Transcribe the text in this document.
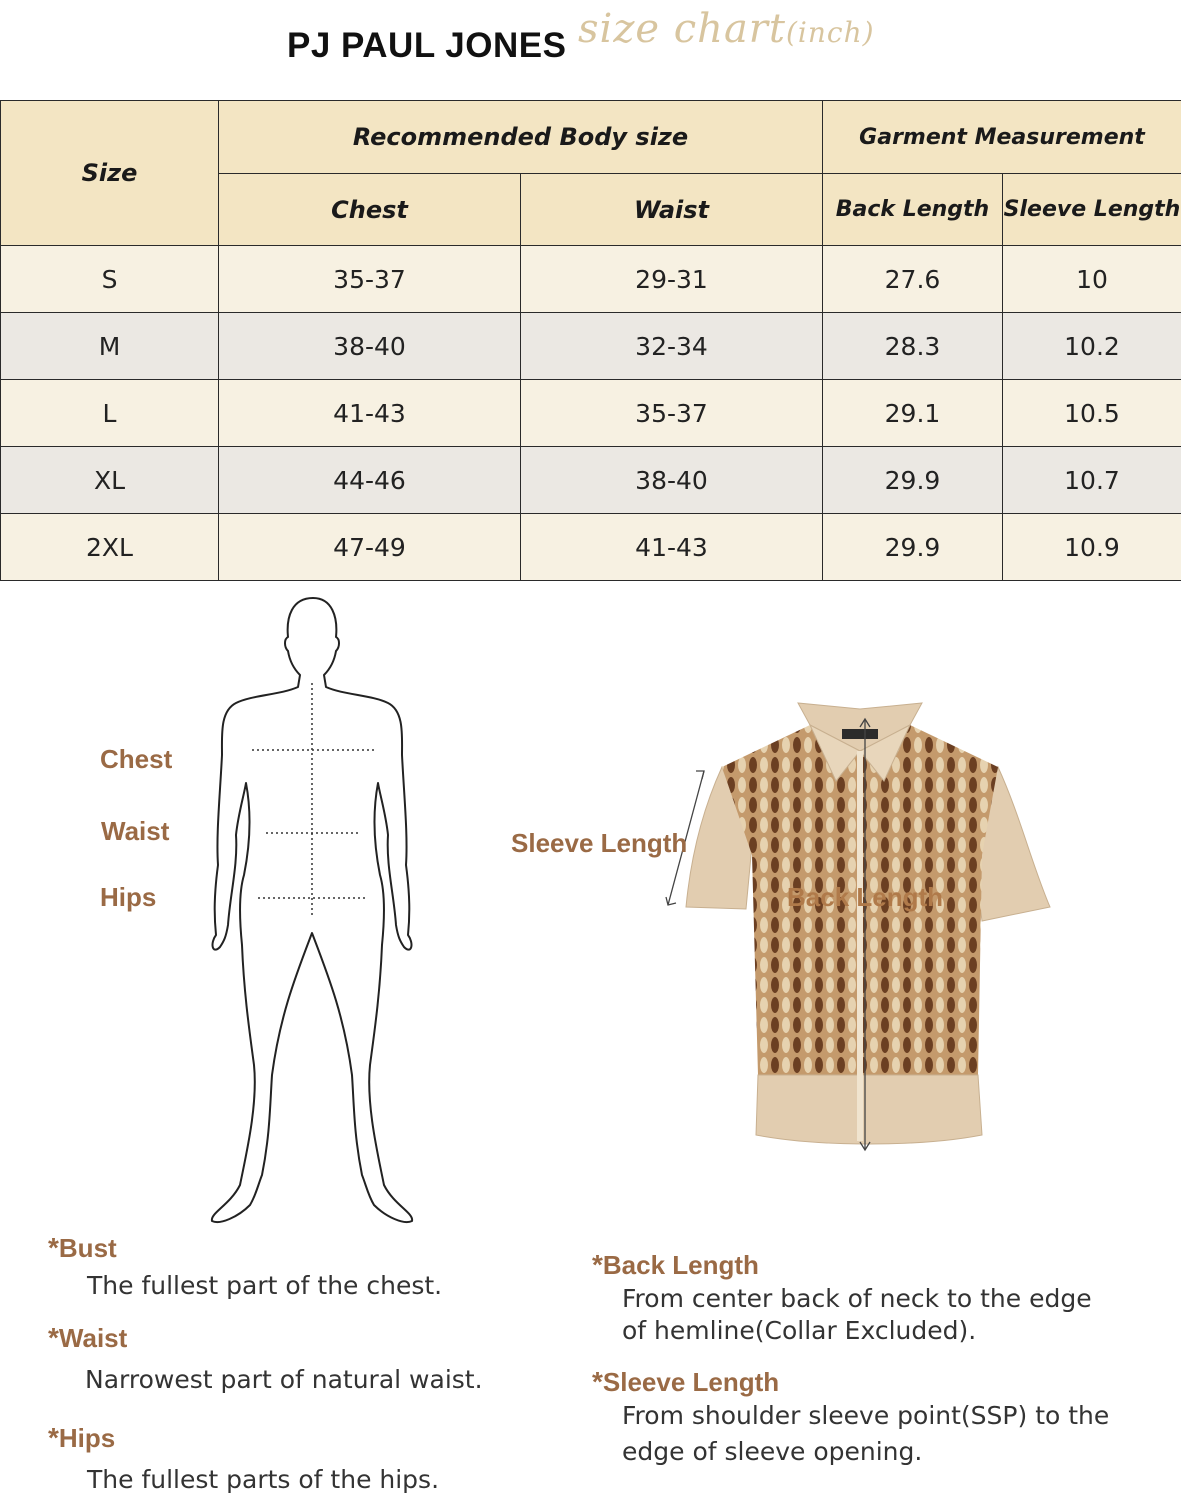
PJ PAUL JONES size chart(inch)
Size	Recommended Body size		Garment Measurement	
	Chest	Waist	Back Length	Sleeve Length
S	35-37	29-31	27.6	10
M	38-40	32-34	28.3	10.2
L	41-43	35-37	29.1	10.5
XL	44-46	38-40	29.9	10.7
2XL	47-49	41-43	29.9	10.9
Chest
Waist
Hips
Sleeve Length
Back Length
*Bust
The fullest part of the chest.
*Waist
Narrowest part of natural waist.
*Hips
The fullest parts of the hips.
*Back Length
From center back of neck to the edge
of hemline(Collar Excluded).
*Sleeve Length
From shoulder sleeve point(SSP) to the
edge of sleeve opening.
